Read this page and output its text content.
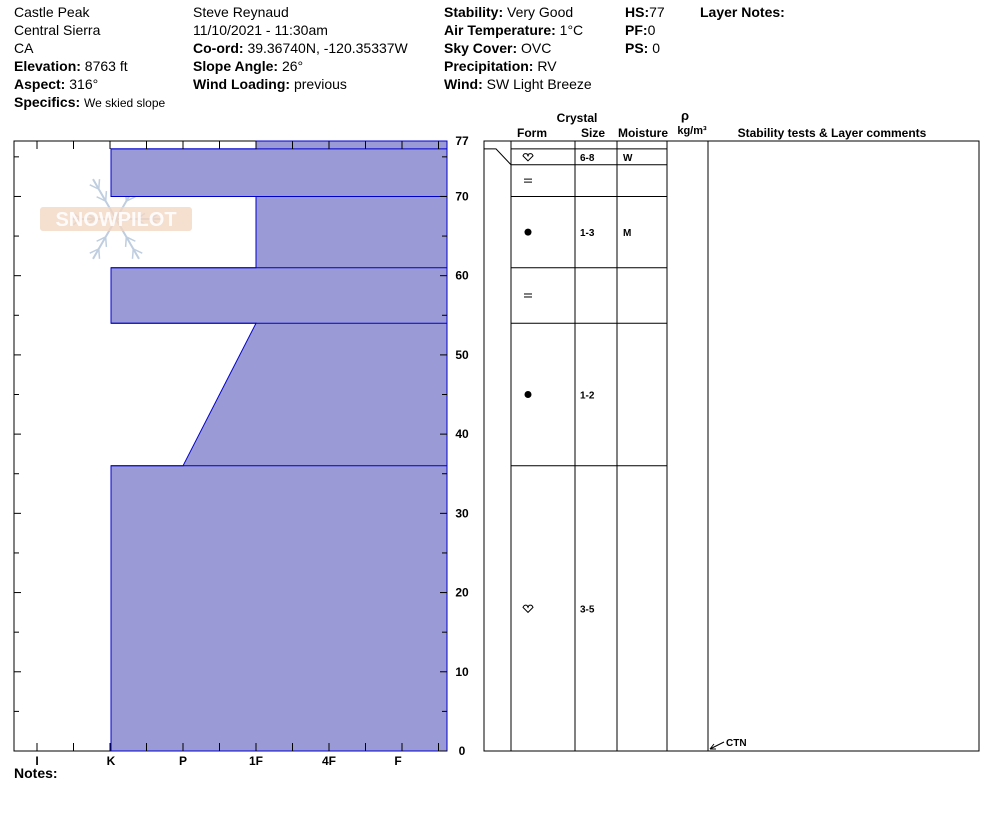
Castle Peak
Central Sierra
CA
Elevation: 8763 ft
Aspect: 316°
Specifics: We skied slope
Steve Reynaud
11/10/2021 - 11:30am
Co-ord: 39.36740N, -120.35337W
Slope Angle: 26°
Wind Loading: previous
Stability: Very Good
Air Temperature: 1°C
Sky Cover: OVC
Precipitation: RV
Wind: SW Light Breeze
HS:77
PF:0
PS: 0
Layer Notes:
SNOWPILOT
I	K	P	1F	4F	F
0
10
20
30
40
50
60
70
77
Crystal
Form	Size Moisture
ρ
kg/m³	Stability tests & Layer comments
6-8	W
1-3	M
1-2
3-5
CTN
Notes:
